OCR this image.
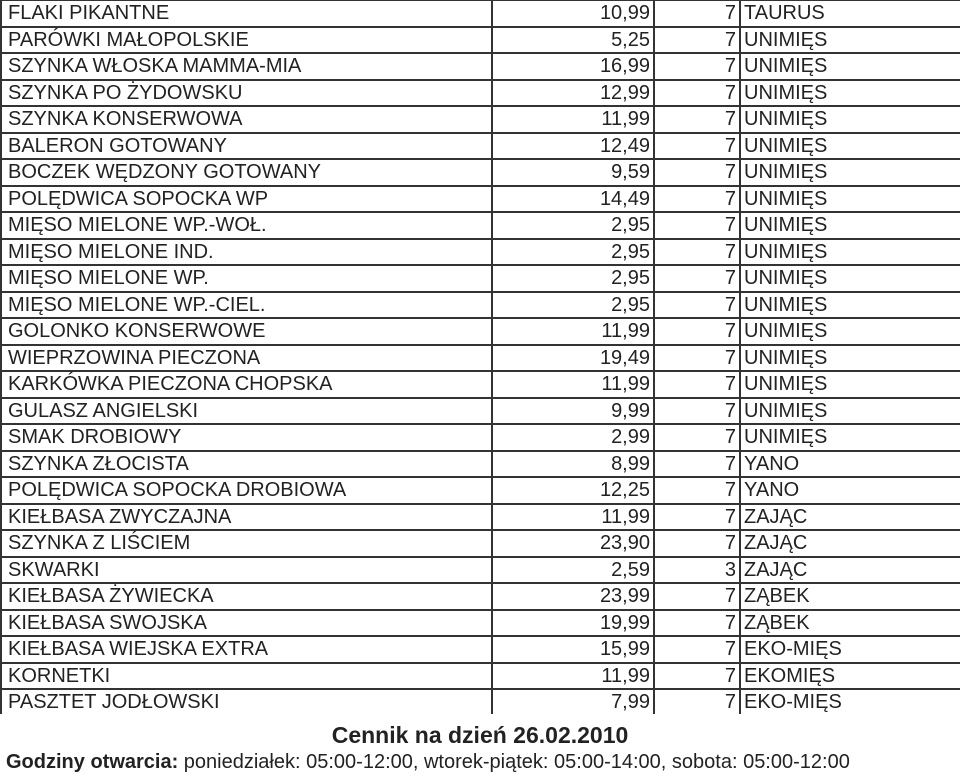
FLAKI PIKANTNE	10,99	7	TAURUS
PARÓWKI MAŁOPOLSKIE	5,25	7	UNIMIĘS
SZYNKA WŁOSKA MAMMA-MIA	16,99	7	UNIMIĘS
SZYNKA PO ŻYDOWSKU	12,99	7	UNIMIĘS
SZYNKA KONSERWOWA	11,99	7	UNIMIĘS
BALERON GOTOWANY	12,49	7	UNIMIĘS
BOCZEK WĘDZONY GOTOWANY	9,59	7	UNIMIĘS
POLĘDWICA SOPOCKA WP	14,49	7	UNIMIĘS
MIĘSO MIELONE WP.-WOŁ.	2,95	7	UNIMIĘS
MIĘSO MIELONE IND.	2,95	7	UNIMIĘS
MIĘSO MIELONE WP.	2,95	7	UNIMIĘS
MIĘSO MIELONE WP.-CIEL.	2,95	7	UNIMIĘS
GOLONKO KONSERWOWE	11,99	7	UNIMIĘS
WIEPRZOWINA PIECZONA	19,49	7	UNIMIĘS
KARKÓWKA PIECZONA CHOPSKA	11,99	7	UNIMIĘS
GULASZ ANGIELSKI	9,99	7	UNIMIĘS
SMAK DROBIOWY	2,99	7	UNIMIĘS
SZYNKA ZŁOCISTA	8,99	7	YANO
POLĘDWICA SOPOCKA DROBIOWA	12,25	7	YANO
KIEŁBASA ZWYCZAJNA	11,99	7	ZAJĄC
SZYNKA Z LIŚCIEM	23,90	7	ZAJĄC
SKWARKI	2,59	3	ZAJĄC
KIEŁBASA ŻYWIECKA	23,99	7	ZĄBEK
KIEŁBASA SWOJSKA	19,99	7	ZĄBEK
KIEŁBASA WIEJSKA EXTRA	15,99	7	EKO-MIĘS
KORNETKI	11,99	7	EKOMIĘS
PASZTET JODŁOWSKI	7,99	7	EKO-MIĘS
Cennik na dzień 26.02.2010
Godziny otwarcia: poniedziałek: 05:00-12:00, wtorek-piątek: 05:00-14:00, sobota: 05:00-12:00
